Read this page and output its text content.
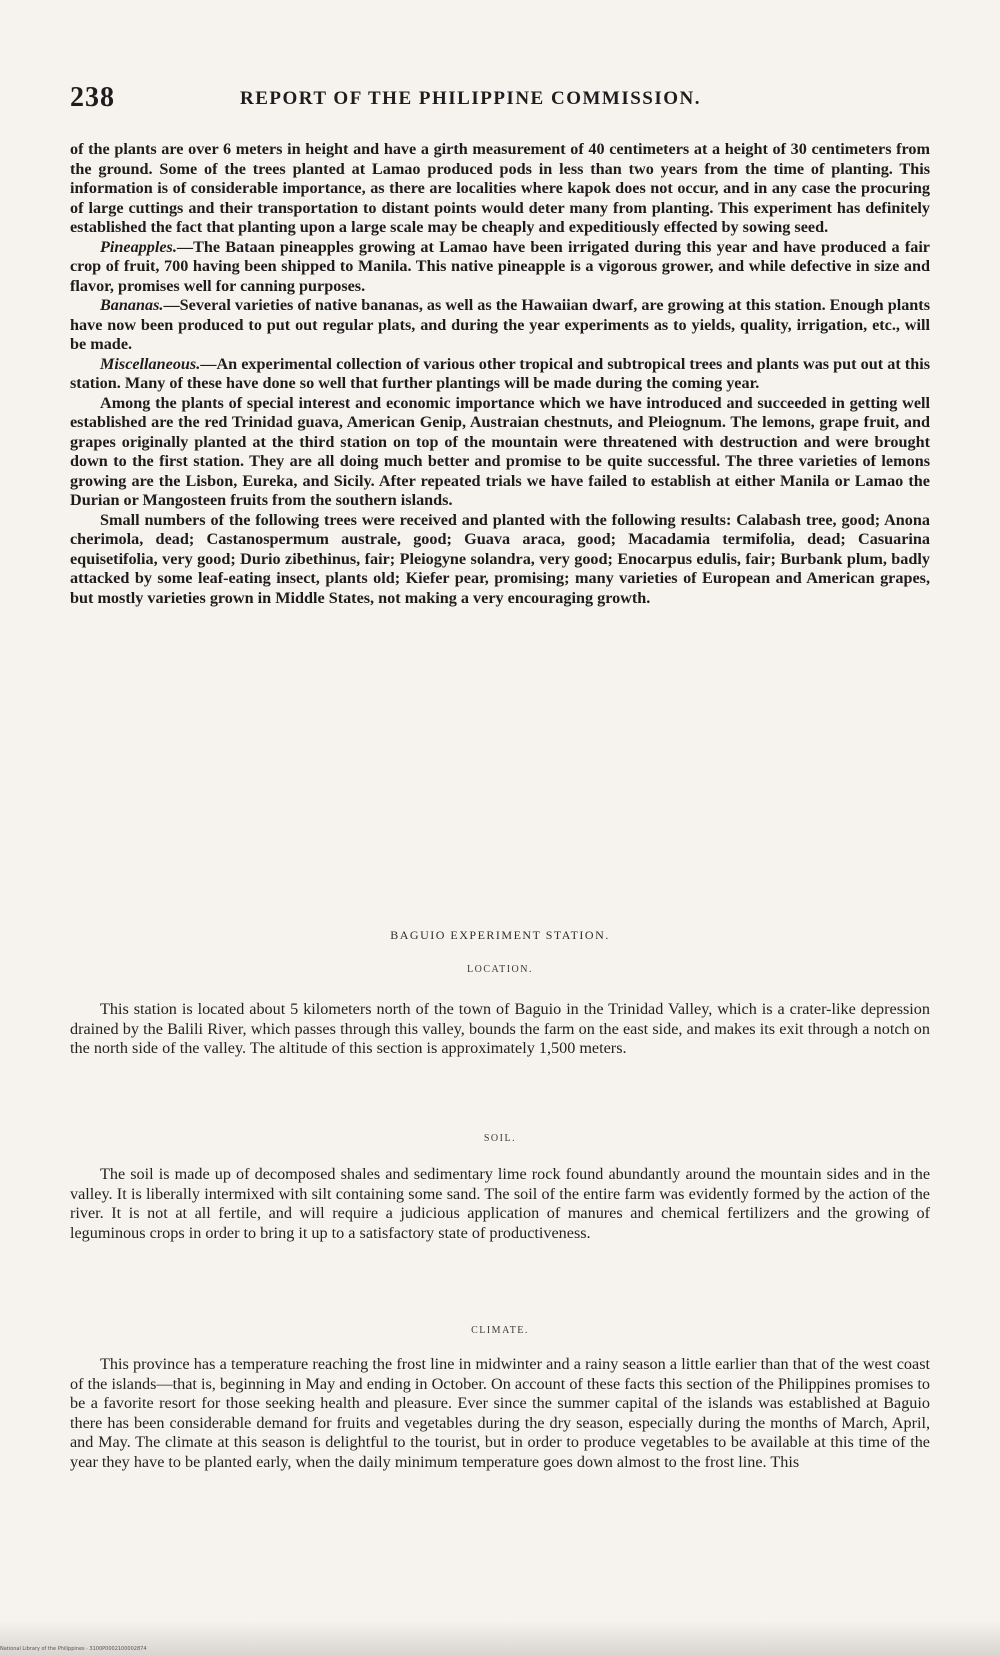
238	REPORT OF THE PHILIPPINE COMMISSION.

of the plants are over 6 meters in height and have a girth measurement of 40 centimeters at a height of 30 centimeters from the ground. Some of the trees planted at Lamao produced pods in less than two years from the time of planting. This information is of considerable importance, as there are localities where kapok does not occur, and in any case the procuring of large cuttings and their transportation to distant points would deter many from planting. This experiment has definitely established the fact that planting upon a large scale may be cheaply and expeditiously effected by sowing seed.

Pineapples.—The Bataan pineapples growing at Lamao have been irrigated during this year and have produced a fair crop of fruit, 700 having been shipped to Manila. This native pineapple is a vigorous grower, and while defective in size and flavor, promises well for canning purposes.

Bananas.—Several varieties of native bananas, as well as the Hawaiian dwarf, are growing at this station. Enough plants have now been produced to put out regular plats, and during the year experiments as to yields, quality, irrigation, etc., will be made.

Miscellaneous.—An experimental collection of various other tropical and subtropical trees and plants was put out at this station. Many of these have done so well that further plantings will be made during the coming year.

Among the plants of special interest and economic importance which we have introduced and succeeded in getting well established are the red Trinidad guava, American Genip, Austraian chestnuts, and Pleiognum. The lemons, grape fruit, and grapes originally planted at the third station on top of the mountain were threatened with destruction and were brought down to the first station. They are all doing much better and promise to be quite successful. The three varieties of lemons growing are the Lisbon, Eureka, and Sicily. After repeated trials we have failed to establish at either Manila or Lamao the Durian or Mangosteen fruits from the southern islands.

Small numbers of the following trees were received and planted with the following results: Calabash tree, good; Anona cherimola, dead; Castanospermum australe, good; Guava araca, good; Macadamia termifolia, dead; Casuarina equisetifolia, very good; Durio zibethinus, fair; Pleiogyne solandra, very good; Enocarpus edulis, fair; Burbank plum, badly attacked by some leaf-eating insect, plants old; Kiefer pear, promising; many varieties of European and American grapes, but mostly varieties grown in Middle States, not making a very encouraging growth.

BAGUIO EXPERIMENT STATION.
LOCATION.

This station is located about 5 kilometers north of the town of Baguio in the Trinidad Valley, which is a crater-like depression drained by the Balili River, which passes through this valley, bounds the farm on the east side, and makes its exit through a notch on the north side of the valley. The altitude of this section is approximately 1,500 meters.

SOIL.

The soil is made up of decomposed shales and sedimentary lime rock found abundantly around the mountain sides and in the valley. It is liberally intermixed with silt containing some sand. The soil of the entire farm was evidently formed by the action of the river. It is not at all fertile, and will require a judicious application of manures and chemical fertilizers and the growing of leguminous crops in order to bring it up to a satisfactory state of productiveness.

CLIMATE.

This province has a temperature reaching the frost line in midwinter and a rainy season a little earlier than that of the west coast of the islands—that is, beginning in May and ending in October. On account of these facts this section of the Philippines promises to be a favorite resort for those seeking health and pleasure. Ever since the summer capital of the islands was established at Baguio there has been considerable demand for fruits and vegetables during the dry season, especially during the months of March, April, and May. The climate at this season is delightful to the tourist, but in order to produce vegetables to be available at this time of the year they have to be planted early, when the daily minimum temperature goes down almost to the frost line. This

National Library of the Philippines · 3100P0002100002874
